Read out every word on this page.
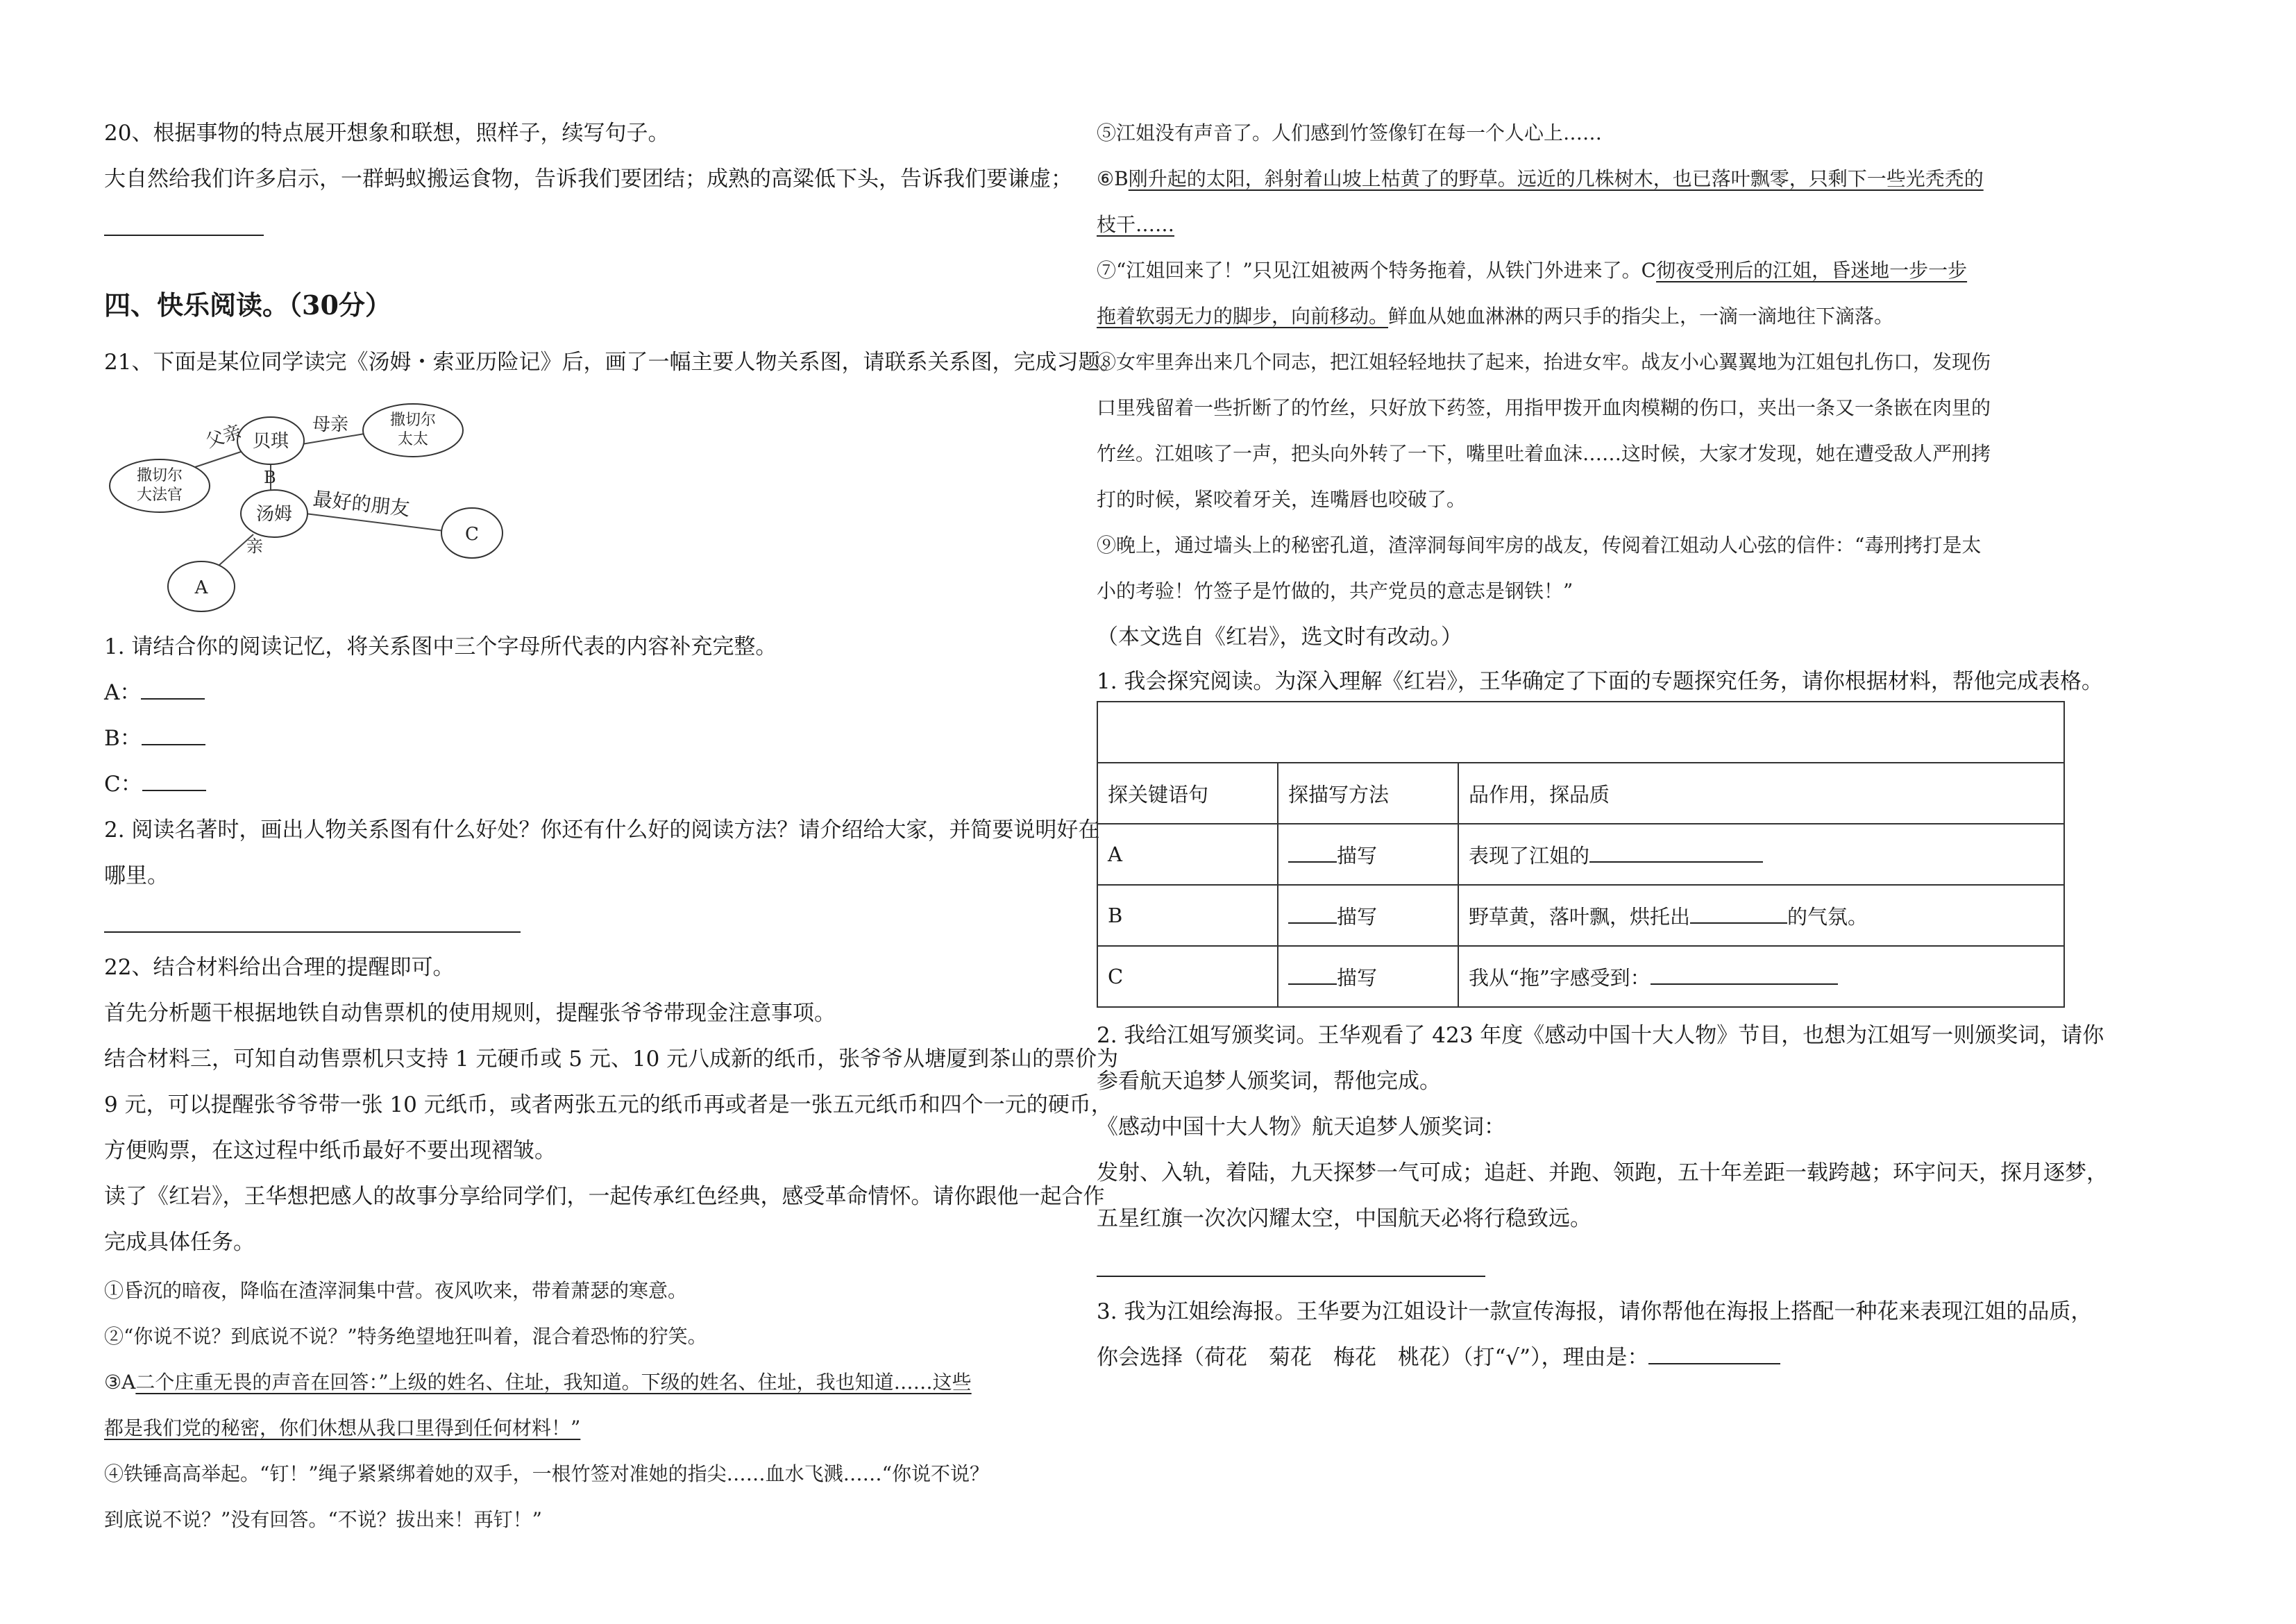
20、根据事物的特点展开想象和联想，照样子，续写句子。
大自然给我们许多启示，一群蚂蚁搬运食物，告诉我们要团结；成熟的高粱低下头，告诉我们要谦虚；
四、快乐阅读。（30分）
21、下面是某位同学读完《汤姆・索亚历险记》后，画了一幅主要人物关系图，请联系关系图，完成习题。
撒切尔
大法官
贝琪
撒切尔
太太
汤姆
C
A
父亲	母亲
B
最好的朋友
亲
1. 请结合你的阅读记忆，将关系图中三个字母所代表的内容补充完整。
A：
B：
C：
2. 阅读名著时，画出人物关系图有什么好处？你还有什么好的阅读方法？请介绍给大家，并简要说明好在
哪里。
22、结合材料给出合理的提醒即可。
首先分析题干根据地铁自动售票机的使用规则，提醒张爷爷带现金注意事项。
结合材料三，可知自动售票机只支持 1 元硬币或 5 元、10 元八成新的纸币，张爷爷从塘厦到茶山的票价为
9 元，可以提醒张爷爷带一张 10 元纸币，或者两张五元的纸币再或者是一张五元纸币和四个一元的硬币，
方便购票，在这过程中纸币最好不要出现褶皱。
读了《红岩》，王华想把感人的故事分享给同学们，一起传承红色经典，感受革命情怀。请你跟他一起合作
完成具体任务。
①昏沉的暗夜，降临在渣滓洞集中营。夜风吹来，带着萧瑟的寒意。
②“你说不说？到底说不说？”特务绝望地狂叫着，混合着恐怖的狞笑。
③A二个庄重无畏的声音在回答：”上级的姓名、住址，我知道。下级的姓名、住址，我也知道……这些
都是我们党的秘密，你们休想从我口里得到任何材料！”
④铁锤高高举起。“钉！”绳子紧紧绑着她的双手，一根竹签对准她的指尖……血水飞溅……“你说不说？
到底说不说？”没有回答。“不说？拔出来！再钉！”
⑤江姐没有声音了。人们感到竹签像钉在每一个人心上……
⑥B刚升起的太阳，斜射着山坡上枯黄了的野草。远近的几株树木，也已落叶飘零，只剩下一些光秃秃的
枝干……
⑦“江姐回来了！”只见江姐被两个特务拖着，从铁门外进来了。C彻夜受刑后的江姐，昏迷地一步一步
拖着软弱无力的脚步，向前移动。鲜血从她血淋淋的两只手的指尖上，一滴一滴地往下滴落。
⑧女牢里奔出来几个同志，把江姐轻轻地扶了起来，抬进女牢。战友小心翼翼地为江姐包扎伤口，发现伤
口里残留着一些折断了的竹丝，只好放下药签，用指甲拨开血肉模糊的伤口，夹出一条又一条嵌在肉里的
竹丝。江姐咳了一声，把头向外转了一下，嘴里吐着血沫……这时候，大家才发现，她在遭受敌人严刑拷
打的时候，紧咬着牙关，连嘴唇也咬破了。
⑨晚上，通过墙头上的秘密孔道，渣滓洞每间牢房的战友，传阅着江姐动人心弦的信件：“毒刑拷打是太
小的考验！竹签子是竹做的，共产党员的意志是钢铁！”
（本文选自《红岩》，选文时有改动。）
1. 我会探究阅读。为深入理解《红岩》，王华确定了下面的专题探究任务，请你根据材料，帮他完成表格。

探关键语句	探描写方法	品作用，探品质
A	描写	表现了江姐的
B	描写	野草黄，落叶飘，烘托出 的气氛。
C	描写	我从“拖”字感受到：
2. 我给江姐写颁奖词。王华观看了 423 年度《感动中国十大人物》节目，也想为江姐写一则颁奖词，请你
参看航天追梦人颁奖词，帮他完成。
《感动中国十大人物》航天追梦人颁奖词：
发射、入轨，着陆，九天探梦一气可成；追赶、并跑、领跑，五十年差距一载跨越；环宇问天，探月逐梦，
五星红旗一次次闪耀太空，中国航天必将行稳致远。
3. 我为江姐绘海报。王华要为江姐设计一款宣传海报，请你帮他在海报上搭配一种花来表现江姐的品质，
你会选择（荷花　菊花　梅花　桃花）（打“√”），理由是：
